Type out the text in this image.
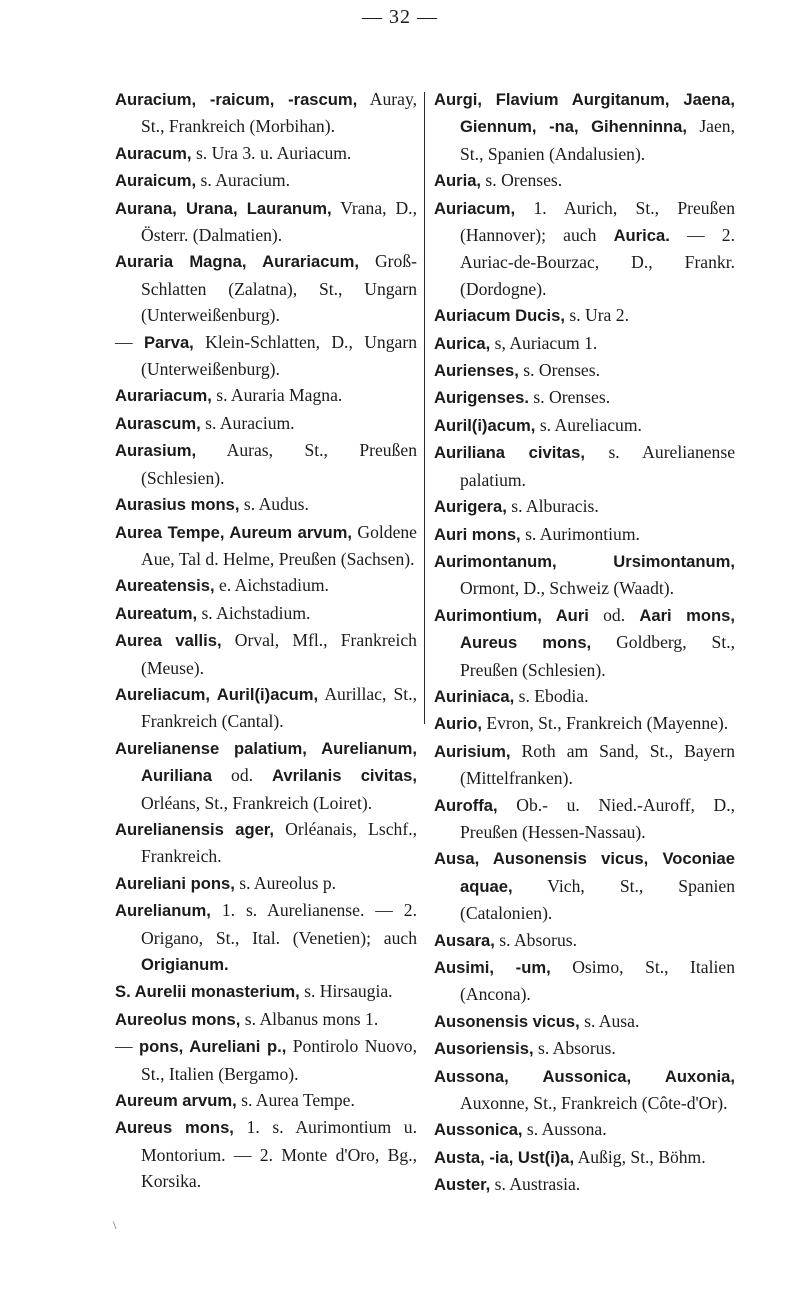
— 32 —

Auracium, -raicum, -rascum, Auray, St., Frankreich (Morbihan).

Auracum, s. Ura 3. u. Auriacum.

Auraicum, s. Auracium.

Aurana, Urana, Lauranum, Vrana, D., Österr. (Dalmatien).

Auraria Magna, Aurariacum, Groß-Schlatten (Zalatna), St., Ungarn (Unterweißenburg).

— Parva, Klein-Schlatten, D., Ungarn (Unterweißenburg).

Aurariacum, s. Auraria Magna.

Aurascum, s. Auracium.

Aurasium, Auras, St., Preußen (Schlesien).

Aurasius mons, s. Audus.

Aurea Tempe, Aureum arvum, Goldene Aue, Tal d. Helme, Preußen (Sachsen).

Aureatensis, e. Aichstadium.

Aureatum, s. Aichstadium.

Aurea vallis, Orval, Mfl., Frankreich (Meuse).

Aureliacum, Auril(i)acum, Aurillac, St., Frankreich (Cantal).

Aurelianense palatium, Aurelianum, Auriliana od. Avrilanis civitas, Orléans, St., Frankreich (Loiret).

Aurelianensis ager, Orléanais, Lschf., Frankreich.

Aureliani pons, s. Aureolus p.

Aurelianum, 1. s. Aurelianense. — 2. Origano, St., Ital. (Venetien); auch Origianum.

S. Aurelii monasterium, s. Hirsaugia.

Aureolus mons, s. Albanus mons 1.

— pons, Aureliani p., Pontirolo Nuovo, St., Italien (Bergamo).

Aureum arvum, s. Aurea Tempe.

Aureus mons, 1. s. Aurimontium u. Montorium. — 2. Monte d'Oro, Bg., Korsika.

Aurgi, Flavium Aurgitanum, Jaena, Giennum, -na, Gihenninna, Jaen, St., Spanien (Andalusien).

Auria, s. Orenses.

Auriacum, 1. Aurich, St., Preußen (Hannover); auch Aurica. — 2. Auriac-de-Bourzac, D., Frankr. (Dordogne).

Auriacum Ducis, s. Ura 2.

Aurica, s, Auriacum 1.

Aurienses, s. Orenses.

Aurigenses. s. Orenses.

Auril(i)acum, s. Aureliacum.

Auriliana civitas, s. Aurelianense palatium.

Aurigera, s. Alburacis.

Auri mons, s. Aurimontium.

Aurimontanum, Ursimontanum, Ormont, D., Schweiz (Waadt).

Aurimontium, Auri od. Aari mons, Aureus mons, Goldberg, St., Preußen (Schlesien).

Auriniaca, s. Ebodia.

Aurio, Evron, St., Frankreich (Mayenne).

Aurisium, Roth am Sand, St., Bayern (Mittelfranken).

Auroffa, Ob.- u. Nied.-Auroff, D., Preußen (Hessen-Nassau).

Ausa, Ausonensis vicus, Voconiae aquae, Vich, St., Spanien (Catalonien).

Ausara, s. Absorus.

Ausimi, -um, Osimo, St., Italien (Ancona).

Ausonensis vicus, s. Ausa.

Ausoriensis, s. Absorus.

Aussona, Aussonica, Auxonia, Auxonne, St., Frankreich (Côte-d'Or).

Aussonica, s. Aussona.

Austa, -ia, Ust(i)a, Außig, St., Böhm.

Auster, s. Austrasia.

\
